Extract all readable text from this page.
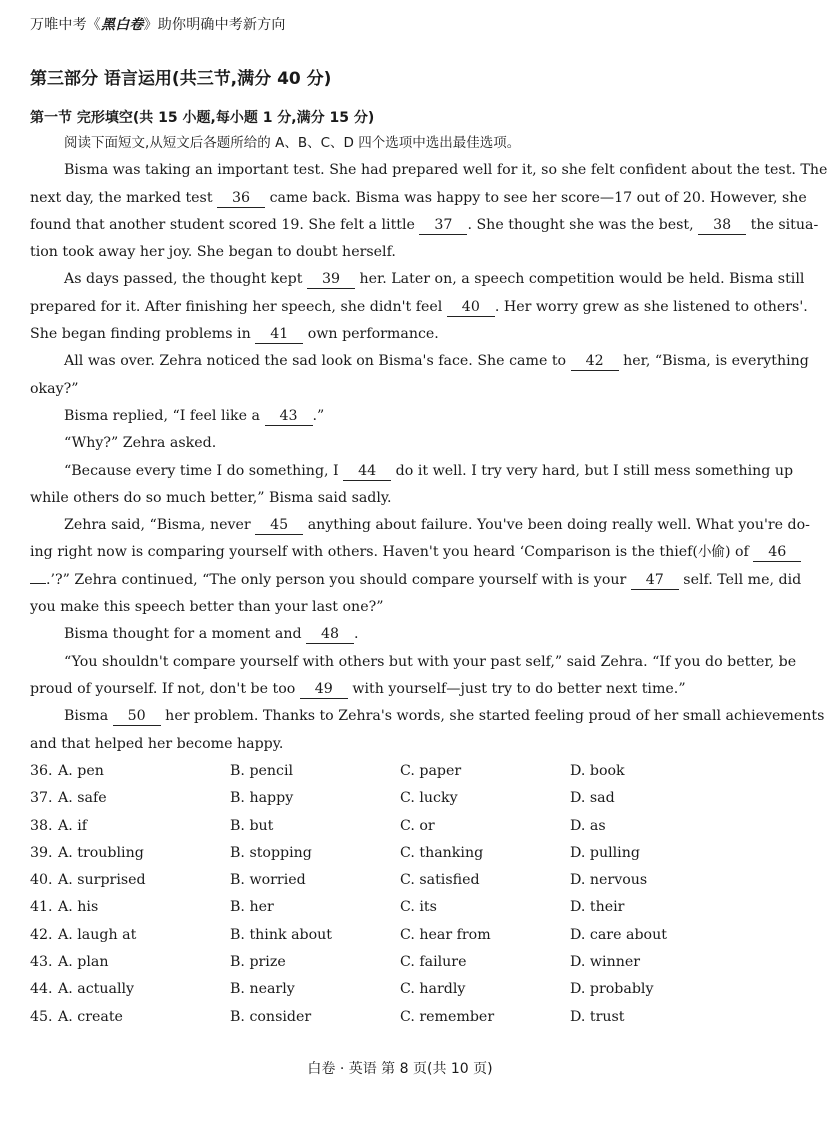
万唯中考《黑白卷》助你明确中考新方向
第三部分 语言运用(共三节,满分 40 分)
第一节 完形填空(共 15 小题,每小题 1 分,满分 15 分)
阅读下面短文,从短文后各题所给的 A、B、C、D 四个选项中选出最佳选项。
Bisma was taking an important test. She had prepared well for it, so she felt confident about the test. The
next day, the marked test 36 came back. Bisma was happy to see her score—17 out of 20. However, she
found that another student scored 19. She felt a little 37 . She thought she was the best, 38 the situa-
tion took away her joy. She began to doubt herself.
As days passed, the thought kept 39 her. Later on, a speech competition would be held. Bisma still
prepared for it. After finishing her speech, she didn't feel 40 . Her worry grew as she listened to others'.
She began finding problems in 41 own performance.
All was over. Zehra noticed the sad look on Bisma's face. She came to 42 her, “Bisma, is everything
okay?”
Bisma replied, “I feel like a 43 .”
“Why?” Zehra asked.
“Because every time I do something, I 44 do it well. I try very hard, but I still mess something up
while others do so much better,” Bisma said sadly.
Zehra said, “Bisma, never 45 anything about failure. You've been doing really well. What you're do-
ing right now is comparing yourself with others. Haven't you heard ‘Comparison is the thief(小偷) of 46
.’?” Zehra continued, “The only person you should compare yourself with is your 47 self. Tell me, did
you make this speech better than your last one?”
Bisma thought for a moment and 48 .
“You shouldn't compare yourself with others but with your past self,” said Zehra. “If you do better, be
proud of yourself. If not, don't be too 49 with yourself—just try to do better next time.”
Bisma 50 her problem. Thanks to Zehra's words, she started feeling proud of her small achievements
and that helped her become happy.
36. A. pen	B. pencil	C. paper	D. book
37. A. safe	B. happy	C. lucky	D. sad
38. A. if	B. but	C. or	D. as
39. A. troubling	B. stopping	C. thanking	D. pulling
40. A. surprised	B. worried	C. satisfied	D. nervous
41. A. his	B. her	C. its	D. their
42. A. laugh at	B. think about	C. hear from	D. care about
43. A. plan	B. prize	C. failure	D. winner
44. A. actually	B. nearly	C. hardly	D. probably
45. A. create	B. consider	C. remember	D. trust
白卷 · 英语 第 8 页(共 10 页)
